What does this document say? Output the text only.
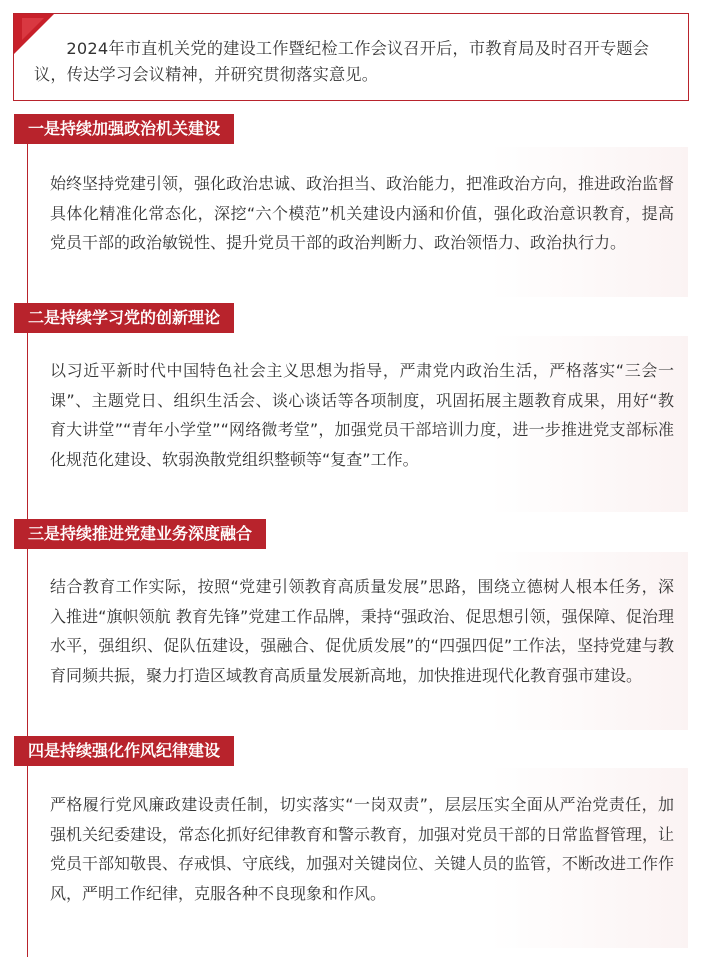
2024年市直机关党的建设工作暨纪检工作会议召开后，市教育局及时召开专题会议，传达学习会议精神，并研究贯彻落实意见。

一是持续加强政治机关建设

始终坚持党建引领，强化政治忠诚、政治担当、政治能力，把准政治方向，推进政治监督具体化精准化常态化，深挖“六个模范”机关建设内涵和价值，强化政治意识教育，提高党员干部的政治敏锐性、提升党员干部的政治判断力、政治领悟力、政治执行力。

二是持续学习党的创新理论

以习近平新时代中国特色社会主义思想为指导，严肃党内政治生活，严格落实“三会一课”、主题党日、组织生活会、谈心谈话等各项制度，巩固拓展主题教育成果，用好“教育大讲堂”“青年小学堂”“网络微考堂”，加强党员干部培训力度，进一步推进党支部标准化规范化建设、软弱涣散党组织整顿等“复查”工作。

三是持续推进党建业务深度融合

结合教育工作实际，按照“党建引领教育高质量发展”思路，围绕立德树人根本任务，深入推进“旗帜领航 教育先锋”党建工作品牌，秉持“强政治、促思想引领，强保障、促治理水平，强组织、促队伍建设，强融合、促优质发展”的“四强四促”工作法，坚持党建与教育同频共振，聚力打造区域教育高质量发展新高地，加快推进现代化教育强市建设。

四是持续强化作风纪律建设

严格履行党风廉政建设责任制，切实落实“一岗双责”，层层压实全面从严治党责任，加强机关纪委建设，常态化抓好纪律教育和警示教育，加强对党员干部的日常监督管理，让党员干部知敬畏、存戒惧、守底线，加强对关键岗位、关键人员的监管，不断改进工作作风，严明工作纪律，克服各种不良现象和作风。
